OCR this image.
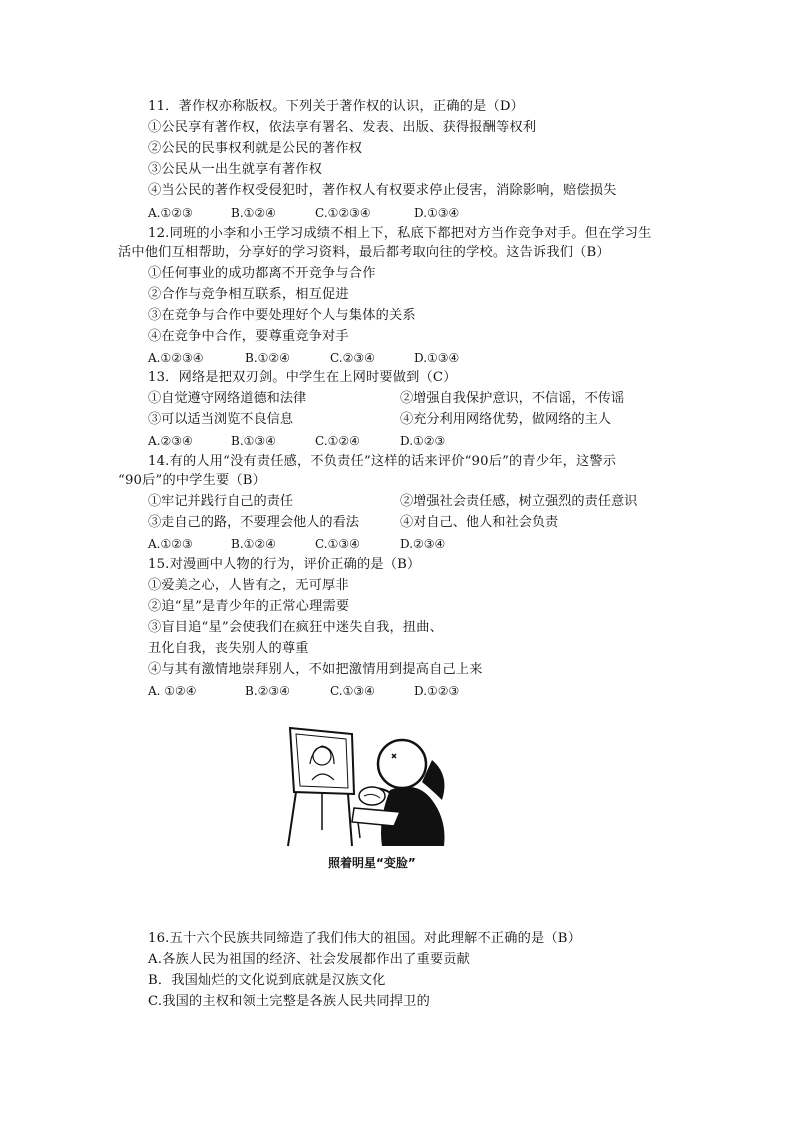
11．著作权亦称版权。下列关于著作权的认识，正确的是（D）
①公民享有著作权，依法享有署名、发表、出版、获得报酬等权利
②公民的民事权利就是公民的著作权
③公民从一出生就享有著作权
④当公民的著作权受侵犯时，著作权人有权要求停止侵害，消除影响，赔偿损失
A.①②③	B.①②④	C.①②③④	D.①③④
12.同班的小李和小王学习成绩不相上下，私底下都把对方当作竞争对手。但在学习生
活中他们互相帮助，分享好的学习资料，最后都考取向往的学校。这告诉我们（B）
①任何事业的成功都离不开竞争与合作
②合作与竞争相互联系，相互促进
③在竞争与合作中要处理好个人与集体的关系
④在竞争中合作，要尊重竞争对手
A.①②③④	B.①②④	C.②③④	D.①③④
13．网络是把双刃剑。中学生在上网时要做到（C）
①自觉遵守网络道德和法律	②增强自我保护意识，不信谣，不传谣
③可以适当浏览不良信息	④充分利用网络优势，做网络的主人
A.②③④	B.①③④	C.①②④	D.①②③
14.有的人用“没有责任感，不负责任”这样的话来评价“90后”的青少年，这警示
“90后”的中学生要（B）
①牢记并践行自己的责任	②增强社会责任感，树立强烈的责任意识
③走自己的路，不要理会他人的看法	④对自己、他人和社会负责
A.①②③	B.①②④	C.①③④	D.②③④
15.对漫画中人物的行为，评价正确的是（B）
①爱美之心，人皆有之，无可厚非
②追“星”是青少年的正常心理需要
③盲目追“星”会使我们在疯狂中迷失自我，扭曲、
丑化自我，丧失别人的尊重
④与其有激情地崇拜别人，不如把激情用到提高自己上来
A. ①②④	B.②③④	C.①③④	D.①②③
照着明星“变脸”
16.五十六个民族共同缔造了我们伟大的祖国。对此理解不正确的是（B）
A.各族人民为祖国的经济、社会发展都作出了重要贡献
B．我国灿烂的文化说到底就是汉族文化
C.我国的主权和领土完整是各族人民共同捍卫的
